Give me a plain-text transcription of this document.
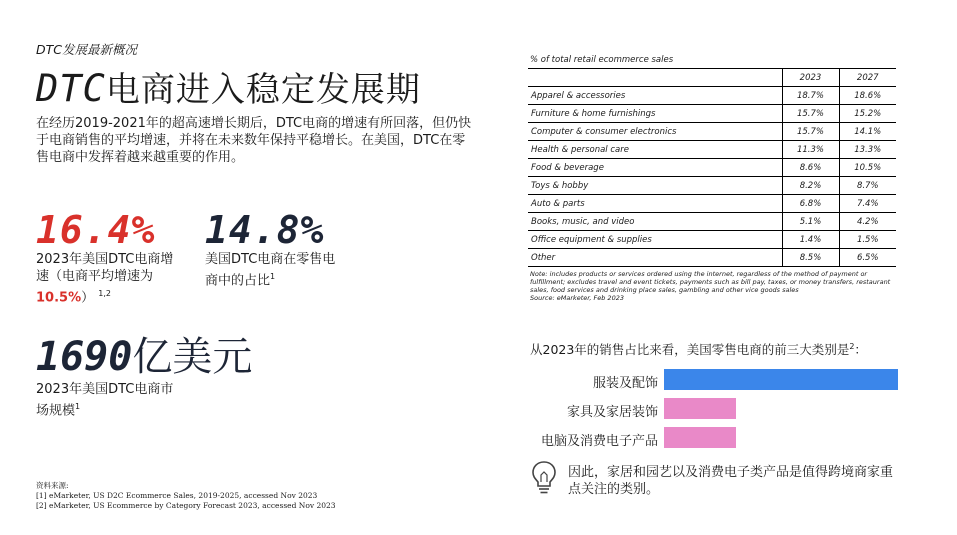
DTC发展最新概况
DTC电商进入稳定发展期
在经历2019-2021年的超高速增长期后，DTC电商的增速有所回落，但仍快于电商销售的平均增速，并将在未来数年保持平稳增长。在美国，DTC在零售电商中发挥着越来越重要的作用。
16.4%
2023年美国DTC电商增速（电商平均增速为10.5%） $^{1,2}$
14.8%
美国DTC电商在零售电商中的占比$^1$
1690亿美元
2023年美国DTC电商市场规模$^1$
资料来源:
[1] eMarketer, US D2C Ecommerce Sales, 2019-2025, accessed Nov 2023
[2] eMarketer, US Ecommerce by Category Forecast 2023, accessed Nov 2023
% of total retail ecommerce sales
	2023	2027
Apparel & accessories	18.7%	18.6%
Furniture & home furnishings	15.7%	15.2%
Computer & consumer electronics	15.7%	14.1%
Health & personal care	11.3%	13.3%
Food & beverage	8.6%	10.5%
Toys & hobby	8.2%	8.7%
Auto & parts	6.8%	7.4%
Books, music, and video	5.1%	4.2%
Office equipment & supplies	1.4%	1.5%
Other	8.5%	6.5%
Note: includes products or services ordered using the internet, regardless of the method of payment or fulfillment; excludes travel and event tickets, payments such as bill pay, taxes, or money transfers, restaurant sales, food services and drinking place sales, gambling and other vice goods sales
Source: eMarketer, Feb 2023
从2023年的销售占比来看，美国零售电商的前三大类别是$^2$：
服装及配饰
家具及家居装饰
电脑及消费电子产品
因此，家居和园艺以及消费电子类产品是值得跨境商家重点关注的类别。
